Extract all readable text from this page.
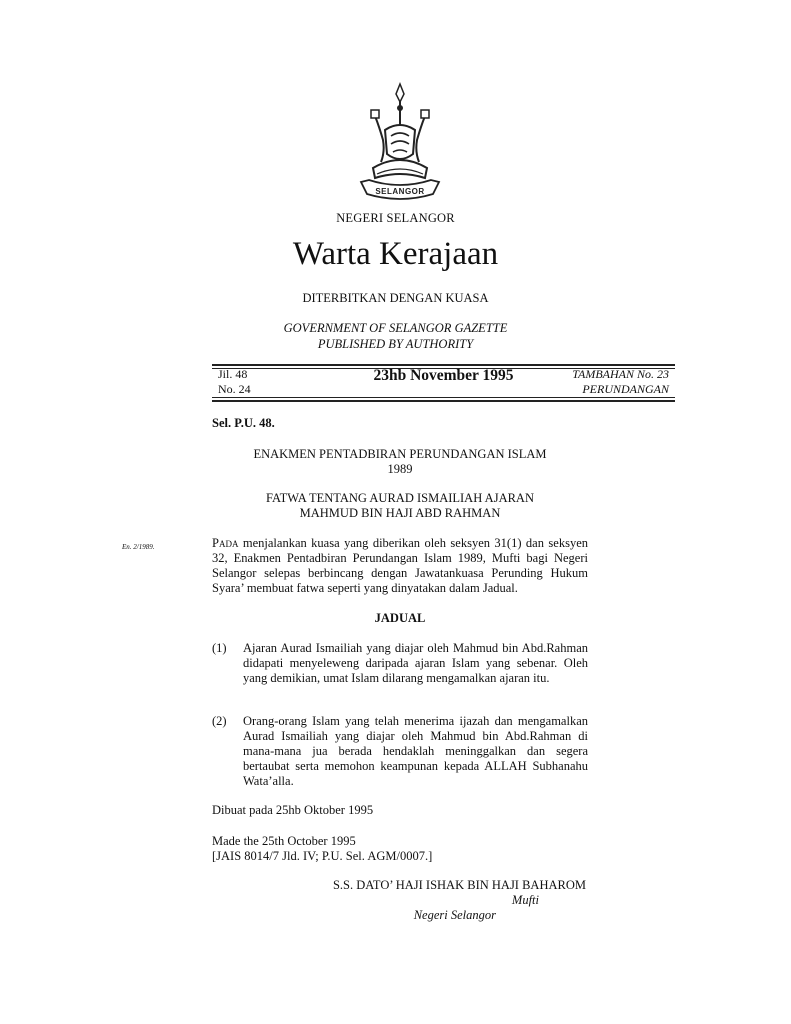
SELANGOR
NEGERI SELANGOR
Warta Kerajaan
DITERBITKAN DENGAN KUASA
GOVERNMENT OF SELANGOR GAZETTE
PUBLISHED BY AUTHORITY
Jil. 48
No. 24
23hb November 1995	TAMBAHAN No. 23
PERUNDANGAN
Sel. P.U. 48.
ENAKMEN PENTADBIRAN PERUNDANGAN ISLAM
1989
FATWA TENTANG AURAD ISMAILIAH AJARAN
MAHMUD BIN HAJI ABD RAHMAN
En. 2/1989.	Pada menjalankan kuasa yang diberikan oleh seksyen 31(1) dan seksyen 32, Enakmen Pentadbiran Perundangan Islam 1989, Mufti bagi Negeri Selangor selepas berbincang dengan Jawatankuasa Perunding Hukum Syara’ membuat fatwa seperti yang dinyatakan dalam Jadual.
JADUAL
(1)	Ajaran Aurad Ismailiah yang diajar oleh Mahmud bin Abd.Rahman didapati menyeleweng daripada ajaran Islam yang sebenar. Oleh yang demikian, umat Islam dilarang mengamalkan ajaran itu.
(2)	Orang-orang Islam yang telah menerima ijazah dan mengamalkan Aurad Ismailiah yang diajar oleh Mahmud bin Abd.Rahman di mana-mana jua berada hendaklah meninggalkan dan segera bertaubat serta memohon keampunan kepada ALLAH Subhanahu Wata’alla.
Dibuat pada 25hb Oktober 1995
Made the 25th October 1995
[JAIS 8014/7 Jld. IV; P.U. Sel. AGM/0007.]
S.S. DATO’ HAJI ISHAK BIN HAJI BAHAROM
Mufti
Negeri Selangor
